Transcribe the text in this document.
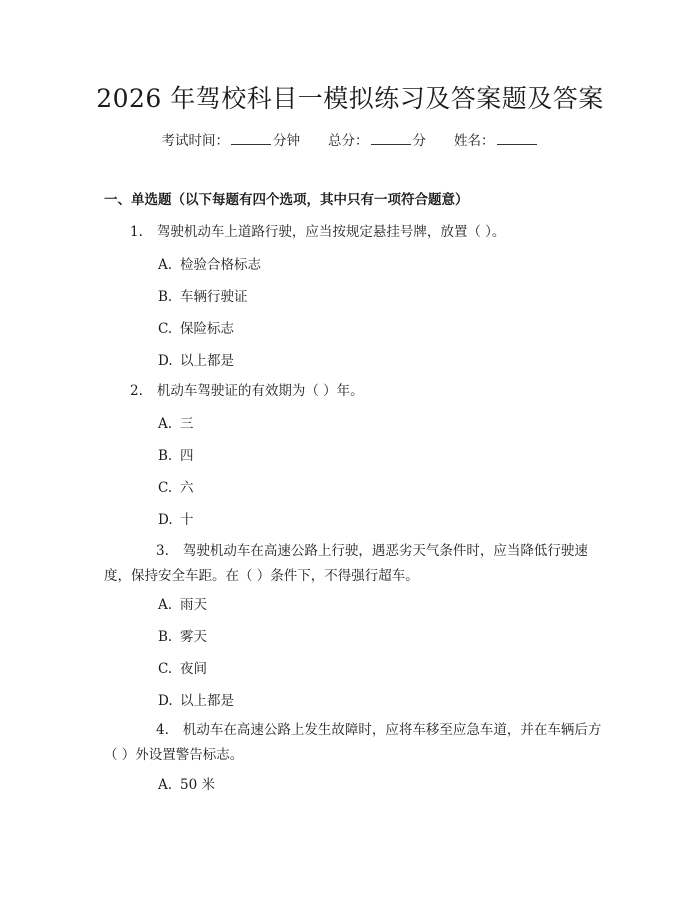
2026 年驾校科目一模拟练习及答案题及答案
考试时间：	分钟 总分：	分 姓名：
一、单选题（以下每题有四个选项，其中只有一项符合题意）
1. 驾驶机动车上道路行驶，应当按规定悬挂号牌，放置（ ）。
A. 检验合格标志
B. 车辆行驶证
C. 保险标志
D. 以上都是
2. 机动车驾驶证的有效期为（ ）年。
A. 三
B. 四
C. 六
D. 十
3. 驾驶机动车在高速公路上行驶，遇恶劣天气条件时，应当降低行驶速度，保持安全车距。在（ ）条件下，不得强行超车。
A. 雨天
B. 雾天
C. 夜间
D. 以上都是
4. 机动车在高速公路上发生故障时，应将车移至应急车道，并在车辆后方（ ）外设置警告标志。
A. 50 米
